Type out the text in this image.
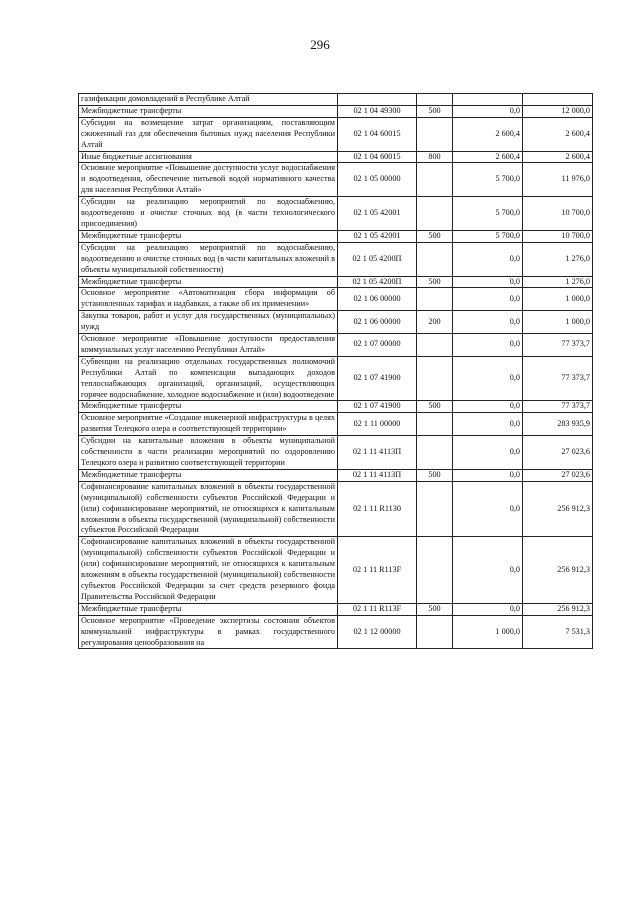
296
газификации домовладений в Республике Алтай				
Межбюджетные трансферты	02 1 04 49300	500	0,0	12 000,0
Субсидии на возмещение затрат организациям, поставляющим сжиженный газ для обеспечения бытовых нужд населения Республики Алтай	02 1 04 60015		2 600,4	2 600,4
Иные бюджетные ассигнования	02 1 04 60015	800	2 600,4	2 600,4
Основное мероприятие «Повышение доступности услуг водоснабжения и водоотведения, обеспечение питьевой водой нормативного качества для населения Республики Алтай»	02 1 05 00000		5 700,0	11 976,0
Субсидии на реализацию мероприятий по водоснабжению, водоотведению и очистке сточных вод (в части технологического присоединения)	02 1 05 42001		5 700,0	10 700,0
Межбюджетные трансферты	02 1 05 42001	500	5 700,0	10 700,0
Субсидии на реализацию мероприятий по водоснабжению, водоотведению и очистке сточных вод (в части капитальных вложений в объекты муниципальной собственности)	02 1 05 4200П		0,0	1 276,0
Межбюджетные трансферты	02 1 05 4200П	500	0,0	1 276,0
Основное мероприятие «Автоматизация сбора информации об установленных тарифах и надбавках, а также об их применении»	02 1 06 00000		0,0	1 000,0
Закупка товаров, работ и услуг для государственных (муниципальных) нужд	02 1 06 00000	200	0,0	1 000,0
Основное мероприятие «Повышение доступности предоставления коммунальных услуг населению Республики Алтай»	02 1 07 00000		0,0	77 373,7
Субвенции на реализацию отдельных государственных полномочий Республики Алтай по компенсации выпадающих доходов теплоснабжающих организаций, организаций, осуществляющих горячее водоснабжение, холодное водоснабжение и (или) водоотведение	02 1 07 41900		0,0	77 373,7
Межбюджетные трансферты	02 1 07 41900	500	0,0	77 373,7
Основное мероприятие «Создание инженерной инфраструктуры в целях развития Телецкого озера и соответствующей территории»	02 1 11 00000		0,0	283 935,9
Субсидии на капитальные вложения в объекты муниципальной собственности в части реализации мероприятий по оздоровлению Телецкого озера и развитию соответствующей территории	02 1 11 4113П		0,0	27 023,6
Межбюджетные трансферты	02 1 11 4113П	500	0,0	27 023,6
Софинансирование капитальных вложений в объекты государственной (муниципальной) собственности субъектов Российской Федерации и (или) софинансирование мероприятий, не относящихся к капитальным вложениям в объекты государственной (муниципальной) собственности субъектов Российской Федерации	02 1 11 R1130		0,0	256 912,3
Софинансирование капитальных вложений в объекты государственной (муниципальной) собственности субъектов Российской Федерации и (или) софинансирование мероприятий, не относящихся к капитальным вложениям в объекты государственной (муниципальной) собственности субъектов Российской Федерации за счет средств резервного фонда Правительства Российской Федерации	02 1 11 R113F		0,0	256 912,3
Межбюджетные трансферты	02 1 11 R113F	500	0,0	256 912,3
Основное мероприятие «Проведение экспертизы состояния объектов коммунальной инфраструктуры в рамках государственного регулирования ценообразования на	02 1 12 00000		1 000,0	7 531,3
